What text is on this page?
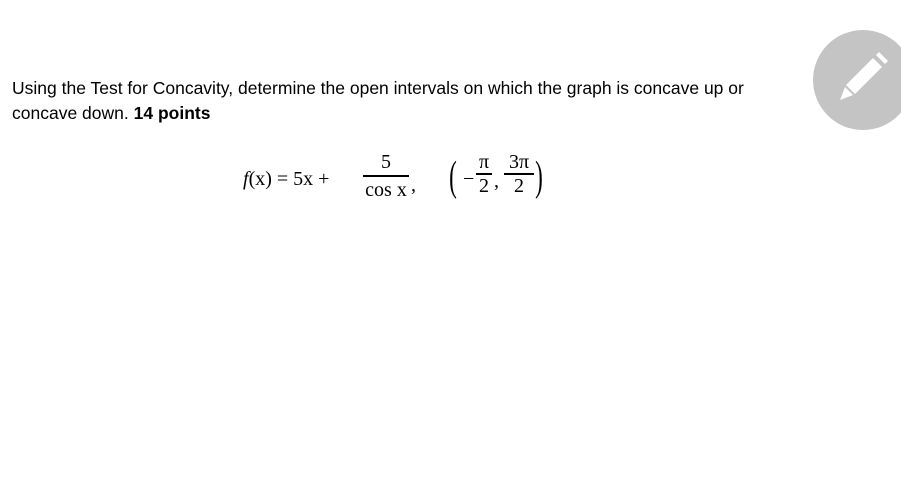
Using the Test for Concavity, determine the open intervals on which the graph is concave up or concave down. 14 points
f(x) = 5x +
5
cos x , ( −
π
2 ,
3π
2 )
